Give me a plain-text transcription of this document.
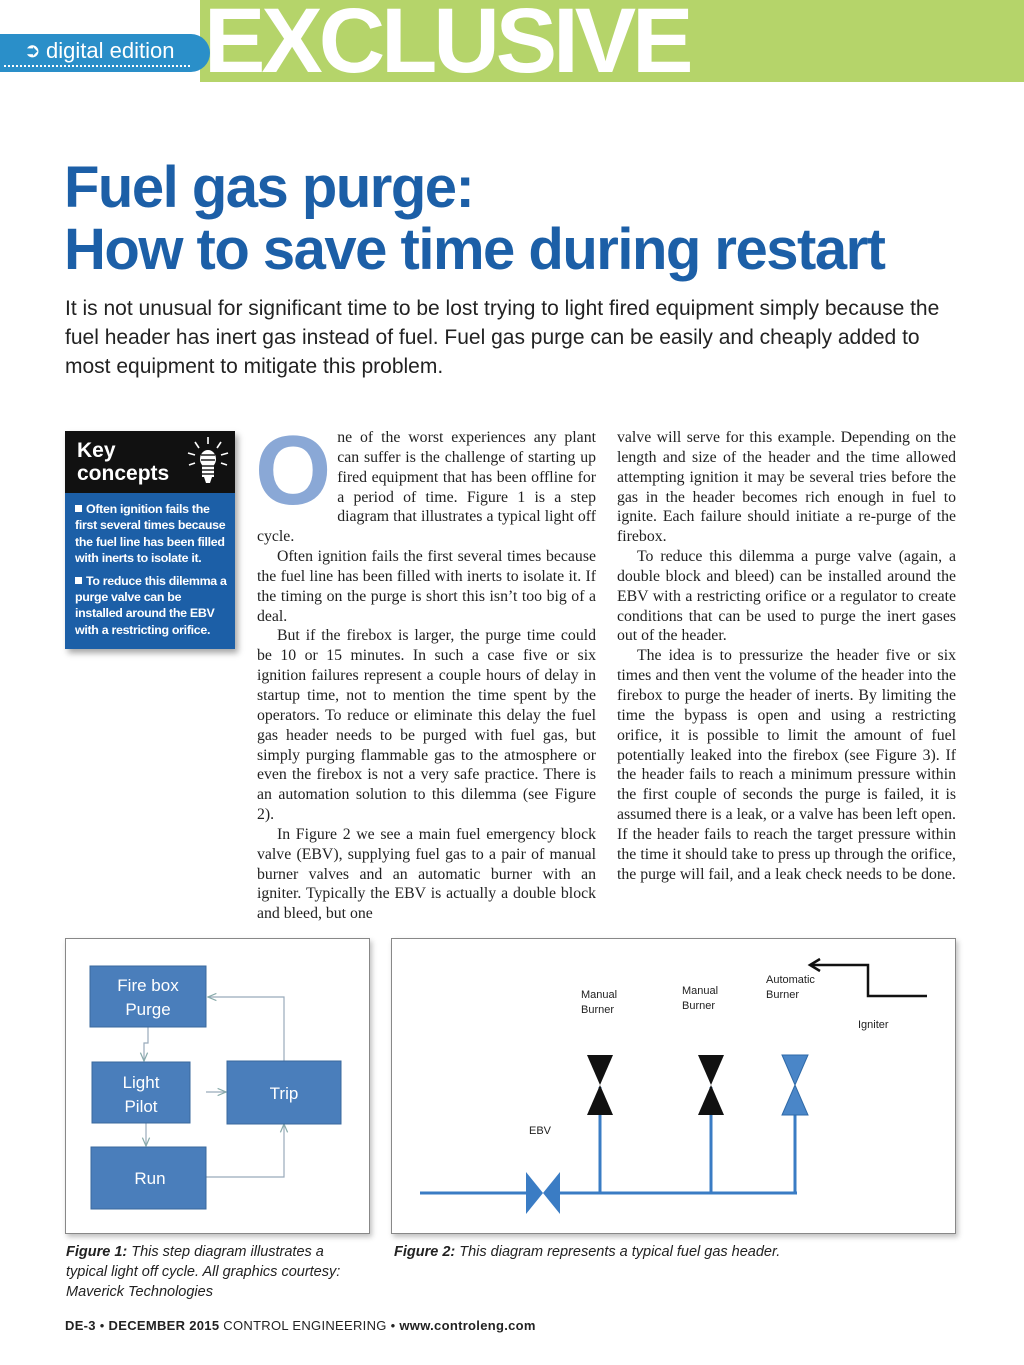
➲ digital edition EXCLUSIVE
Fuel gas purge:
How to save time during restart
It is not unusual for significant time to be lost trying to light fired equipment simply because the fuel header has inert gas instead of fuel. Fuel gas purge can be easily and cheaply added to most equipment to mitigate this problem.
Key
concepts
Often ignition fails the first several times because the fuel line has been filled with inerts to isolate it.
To reduce this dilemma a purge valve can be installed around the EBV with a restricting orifice.
O ne of the worst experiences any plant can suffer is the challenge of starting up fired equipment that has been offline for a period of time. Figure 1 is a step diagram that illustrates a typical light off cycle.

Often ignition fails the first several times because the fuel line has been filled with inerts to isolate it. If the timing on the purge is short this isn’t too big of a deal.

But if the firebox is larger, the purge time could be 10 or 15 minutes. In such a case five or six ignition failures represent a couple hours of delay in startup time, not to mention the time spent by the operators. To reduce or eliminate this delay the fuel gas header needs to be purged with fuel gas, but simply purging flammable gas to the atmosphere or even the firebox is not a very safe practice. There is an automation solution to this dilemma (see Figure 2).

In Figure 2 we see a main fuel emergency block valve (EBV), supplying fuel gas to a pair of manual burner valves and an automatic burner with an igniter. Typically the EBV is actually a double block and bleed, but one

valve will serve for this example. Depending on the length and size of the header and the time allowed attempting ignition it may be several tries before the gas in the header becomes rich enough in fuel to ignite. Each failure should initiate a re-purge of the firebox.

To reduce this dilemma a purge valve (again, a double block and bleed) can be installed around the EBV with a restricting orifice or a regulator to create conditions that can be used to purge the inert gases out of the header.

The idea is to pressurize the header five or six times and then vent the volume of the header into the firebox to purge the header of inerts. By limiting the time the bypass is open and using a restricting orifice, it is possible to limit the amount of fuel potentially leaked into the firebox (see Figure 3). If the header fails to reach a minimum pressure within the first couple of seconds the purge is failed, it is assumed there is a leak, or a valve has been left open. If the header fails to reach the target pressure within the time it should take to press up through the orifice, the purge will fail, and a leak check needs to be done.

Fire box
Purge
Light
Pilot
Trip
Run
Figure 1: This step diagram illustrates a typical light off cycle. All graphics courtesy: Maverick Technologies
Manual
Burner
Manual
Burner
Automatic
Burner
Igniter
EBV
Figure 2: This diagram represents a typical fuel gas header.
DE-3 • DECEMBER 2015 CONTROL ENGINEERING • www.controleng.com
